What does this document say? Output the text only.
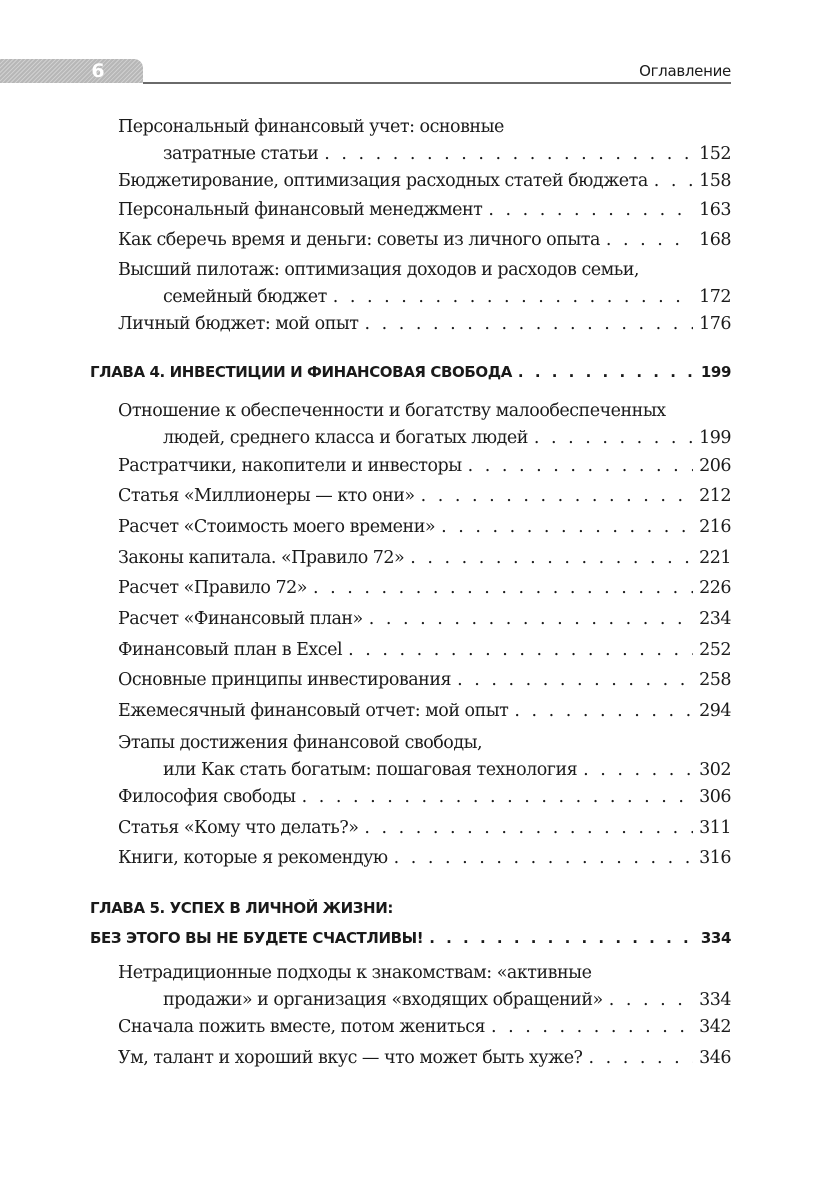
6	Оглавление
Персональный финансовый учет: основные
затратные статьи . . .	152
Бюджетирование, оптимизация расходных статей бюджета . . .	158
Персональный финансовый менеджмент . . .	163
Как сберечь время и деньги: советы из личного опыта . . .	168
Высший пилотаж: оптимизация доходов и расходов семьи,
семейный бюджет . . .	172
Личный бюджет: мой опыт . . .	176
ГЛАВА 4. ИНВЕСТИЦИИ И ФИНАНСОВАЯ СВОБОДА . . .	199
Отношение к обеспеченности и богатству малообеспеченных
людей, среднего класса и богатых людей . . .	199
Растратчики, накопители и инвесторы . . .	206
Статья «Миллионеры — кто они» . . .	212
Расчет «Стоимость моего времени» . . .	216
Законы капитала. «Правило 72» . . .	221
Расчет «Правило 72» . . .	226
Расчет «Финансовый план» . . .	234
Финансовый план в Excel . . .	252
Основные принципы инвестирования . . .	258
Ежемесячный финансовый отчет: мой опыт . . .	294
Этапы достижения финансовой свободы,
или Как стать богатым: пошаговая технология . . .	302
Философия свободы . . .	306
Статья «Кому что делать?» . . .	311
Книги, которые я рекомендую . . .	316
ГЛАВА 5. УСПЕХ В ЛИЧНОЙ ЖИЗНИ:
БЕЗ ЭТОГО ВЫ НЕ БУДЕТЕ СЧАСТЛИВЫ! . . .	334
Нетрадиционные подходы к знакомствам: «активные
продажи» и организация «входящих обращений» . . .	334
Сначала пожить вместе, потом жениться . . .	342
Ум, талант и хороший вкус — что может быть хуже? . . .	346
